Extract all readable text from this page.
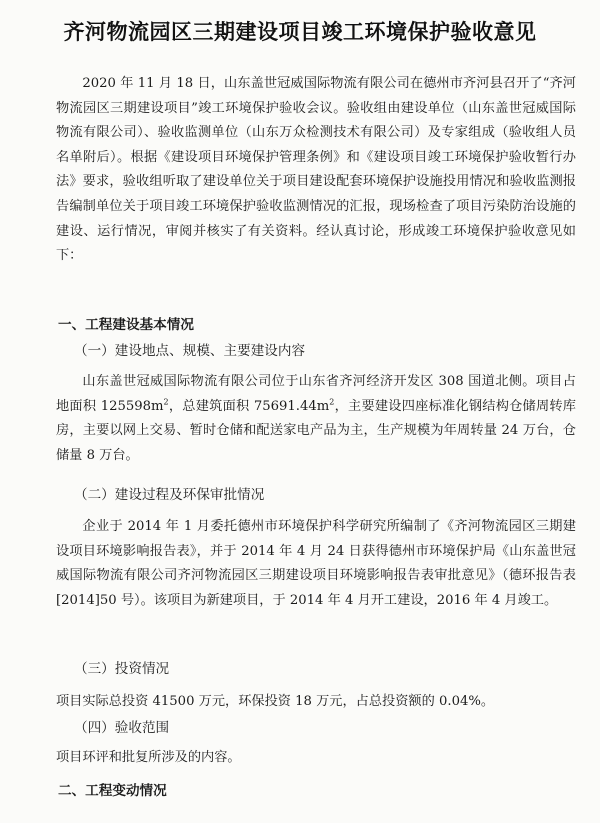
齐河物流园区三期建设项目竣工环境保护验收意见

2020 年 11 月 18 日，山东盖世冠威国际物流有限公司在德州市齐河县召开了“齐河物流园区三期建设项目”竣工环境保护验收会议。验收组由建设单位（山东盖世冠威国际物流有限公司）、验收监测单位（山东万众检测技术有限公司）及专家组成（验收组人员名单附后）。根据《建设项目环境保护管理条例》和《建设项目竣工环境保护验收暂行办法》要求，验收组听取了建设单位关于项目建设配套环境保护设施投用情况和验收监测报告编制单位关于项目竣工环境保护验收监测情况的汇报，现场检查了项目污染防治设施的建设、运行情况，审阅并核实了有关资料。经认真讨论，形成竣工环境保护验收意见如下：

一、工程建设基本情况

（一）建设地点、规模、主要建设内容

山东盖世冠威国际物流有限公司位于山东省齐河经济开发区 308 国道北侧。项目占地面积 $125598m^2$，总建筑面积 $75691.44m^2$，主要建设四座标准化钢结构仓储周转库房，主要以网上交易、暂时仓储和配送家电产品为主，生产规模为年周转量 24 万台，仓储量 8 万台。

（二）建设过程及环保审批情况

企业于 2014 年 1 月委托德州市环境保护科学研究所编制了《齐河物流园区三期建设项目环境影响报告表》，并于 2014 年 4 月 24 日获得德州市环境保护局《山东盖世冠威国际物流有限公司齐河物流园区三期建设项目环境影响报告表审批意见》（德环报告表[2014]50 号）。该项目为新建项目，于 2014 年 4 月开工建设，2016 年 4 月竣工。

（三）投资情况

项目实际总投资 41500 万元，环保投资 18 万元，占总投资额的 0.04%。

（四）验收范围

项目环评和批复所涉及的内容。

二、工程变动情况
